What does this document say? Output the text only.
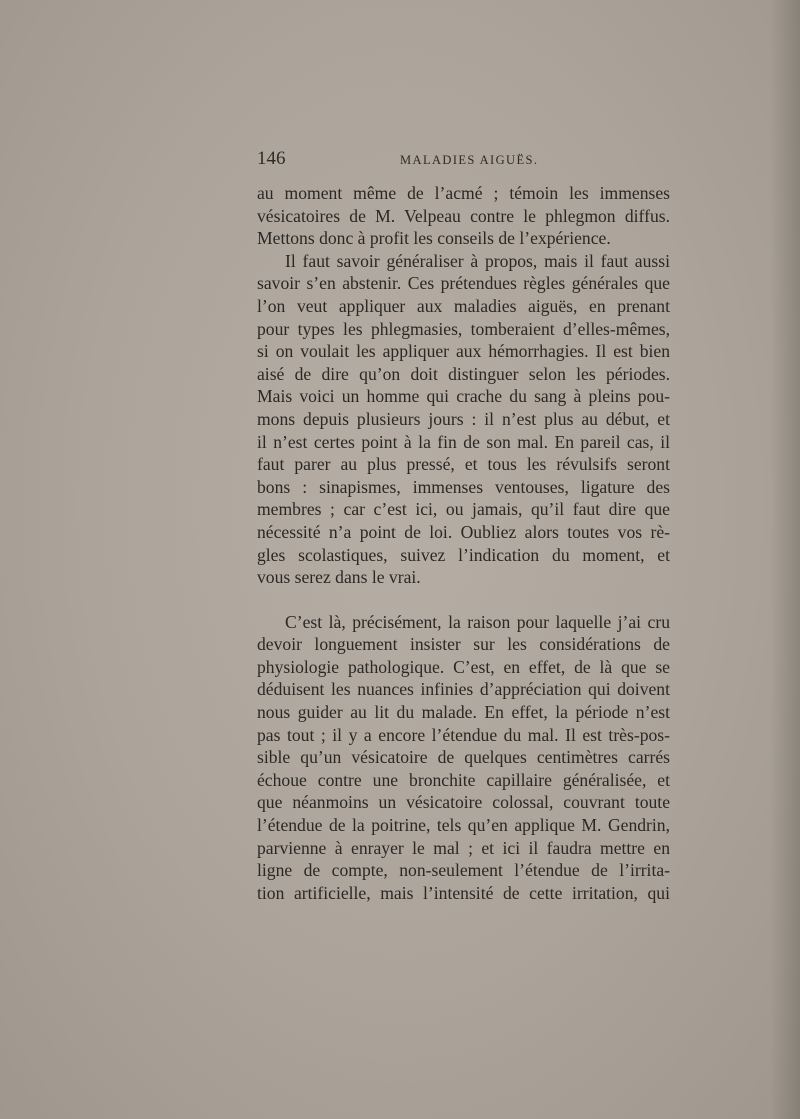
146	MALADIES AIGUËS.
au moment même de l’acmé ; témoin les immenses
vésicatoires de M. Velpeau contre le phlegmon diffus.
Mettons donc à profit les conseils de l’expérience.
Il faut savoir généraliser à propos, mais il faut aussi
savoir s’en abstenir. Ces prétendues règles générales que
l’on veut appliquer aux maladies aiguës, en prenant
pour types les phlegmasies, tomberaient d’elles-mêmes,
si on voulait les appliquer aux hémorrhagies. Il est bien
aisé de dire qu’on doit distinguer selon les périodes.
Mais voici un homme qui crache du sang à pleins pou-
mons depuis plusieurs jours : il n’est plus au début, et
il n’est certes point à la fin de son mal. En pareil cas, il
faut parer au plus pressé, et tous les révulsifs seront
bons : sinapismes, immenses ventouses, ligature des
membres ; car c’est ici, ou jamais, qu’il faut dire que
nécessité n’a point de loi. Oubliez alors toutes vos rè-
gles scolastiques, suivez l’indication du moment, et
vous serez dans le vrai.
C’est là, précisément, la raison pour laquelle j’ai cru
devoir longuement insister sur les considérations de
physiologie pathologique. C’est, en effet, de là que se
déduisent les nuances infinies d’appréciation qui doivent
nous guider au lit du malade. En effet, la période n’est
pas tout ; il y a encore l’étendue du mal. Il est très-pos-
sible qu’un vésicatoire de quelques centimètres carrés
échoue contre une bronchite capillaire généralisée, et
que néanmoins un vésicatoire colossal, couvrant toute
l’étendue de la poitrine, tels qu’en applique M. Gendrin,
parvienne à enrayer le mal ; et ici il faudra mettre en
ligne de compte, non-seulement l’étendue de l’irrita-
tion artificielle, mais l’intensité de cette irritation, qui
